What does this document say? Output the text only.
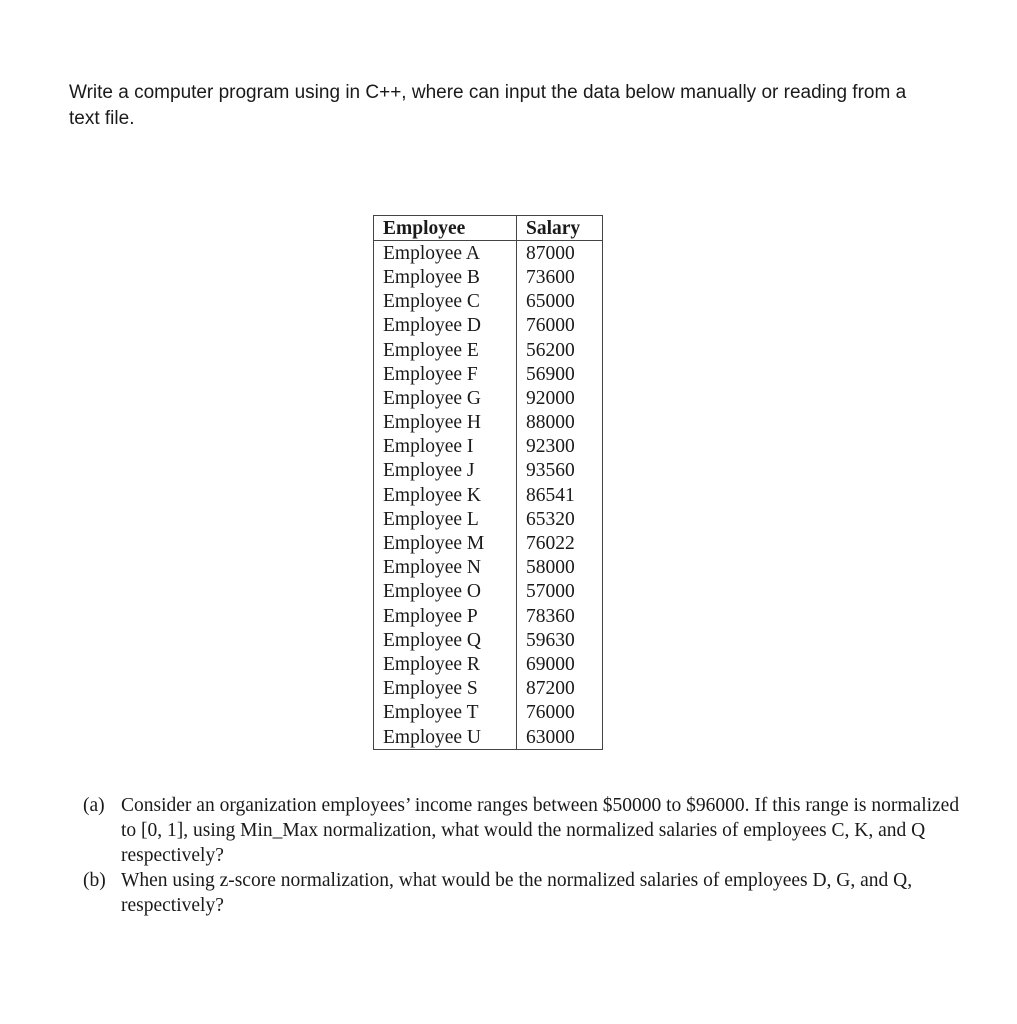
Write a computer program using in C++, where can input the data below manually or reading from a text file.

Employee	Salary
Employee A	87000
Employee B	73600
Employee C	65000
Employee D	76000
Employee E	56200
Employee F	56900
Employee G	92000
Employee H	88000
Employee I	92300
Employee J	93560
Employee K	86541
Employee L	65320
Employee M	76022
Employee N	58000
Employee O	57000
Employee P	78360
Employee Q	59630
Employee R	69000
Employee S	87200
Employee T	76000
Employee U	63000
(a) Consider an organization employees’ income ranges between $50000 to $96000. If this range is normalized to [0, 1], using Min_Max normalization, what would the normalized salaries of employees C, K, and Q respectively?
(b) When using z-score normalization, what would be the normalized salaries of employees D, G, and Q, respectively?
